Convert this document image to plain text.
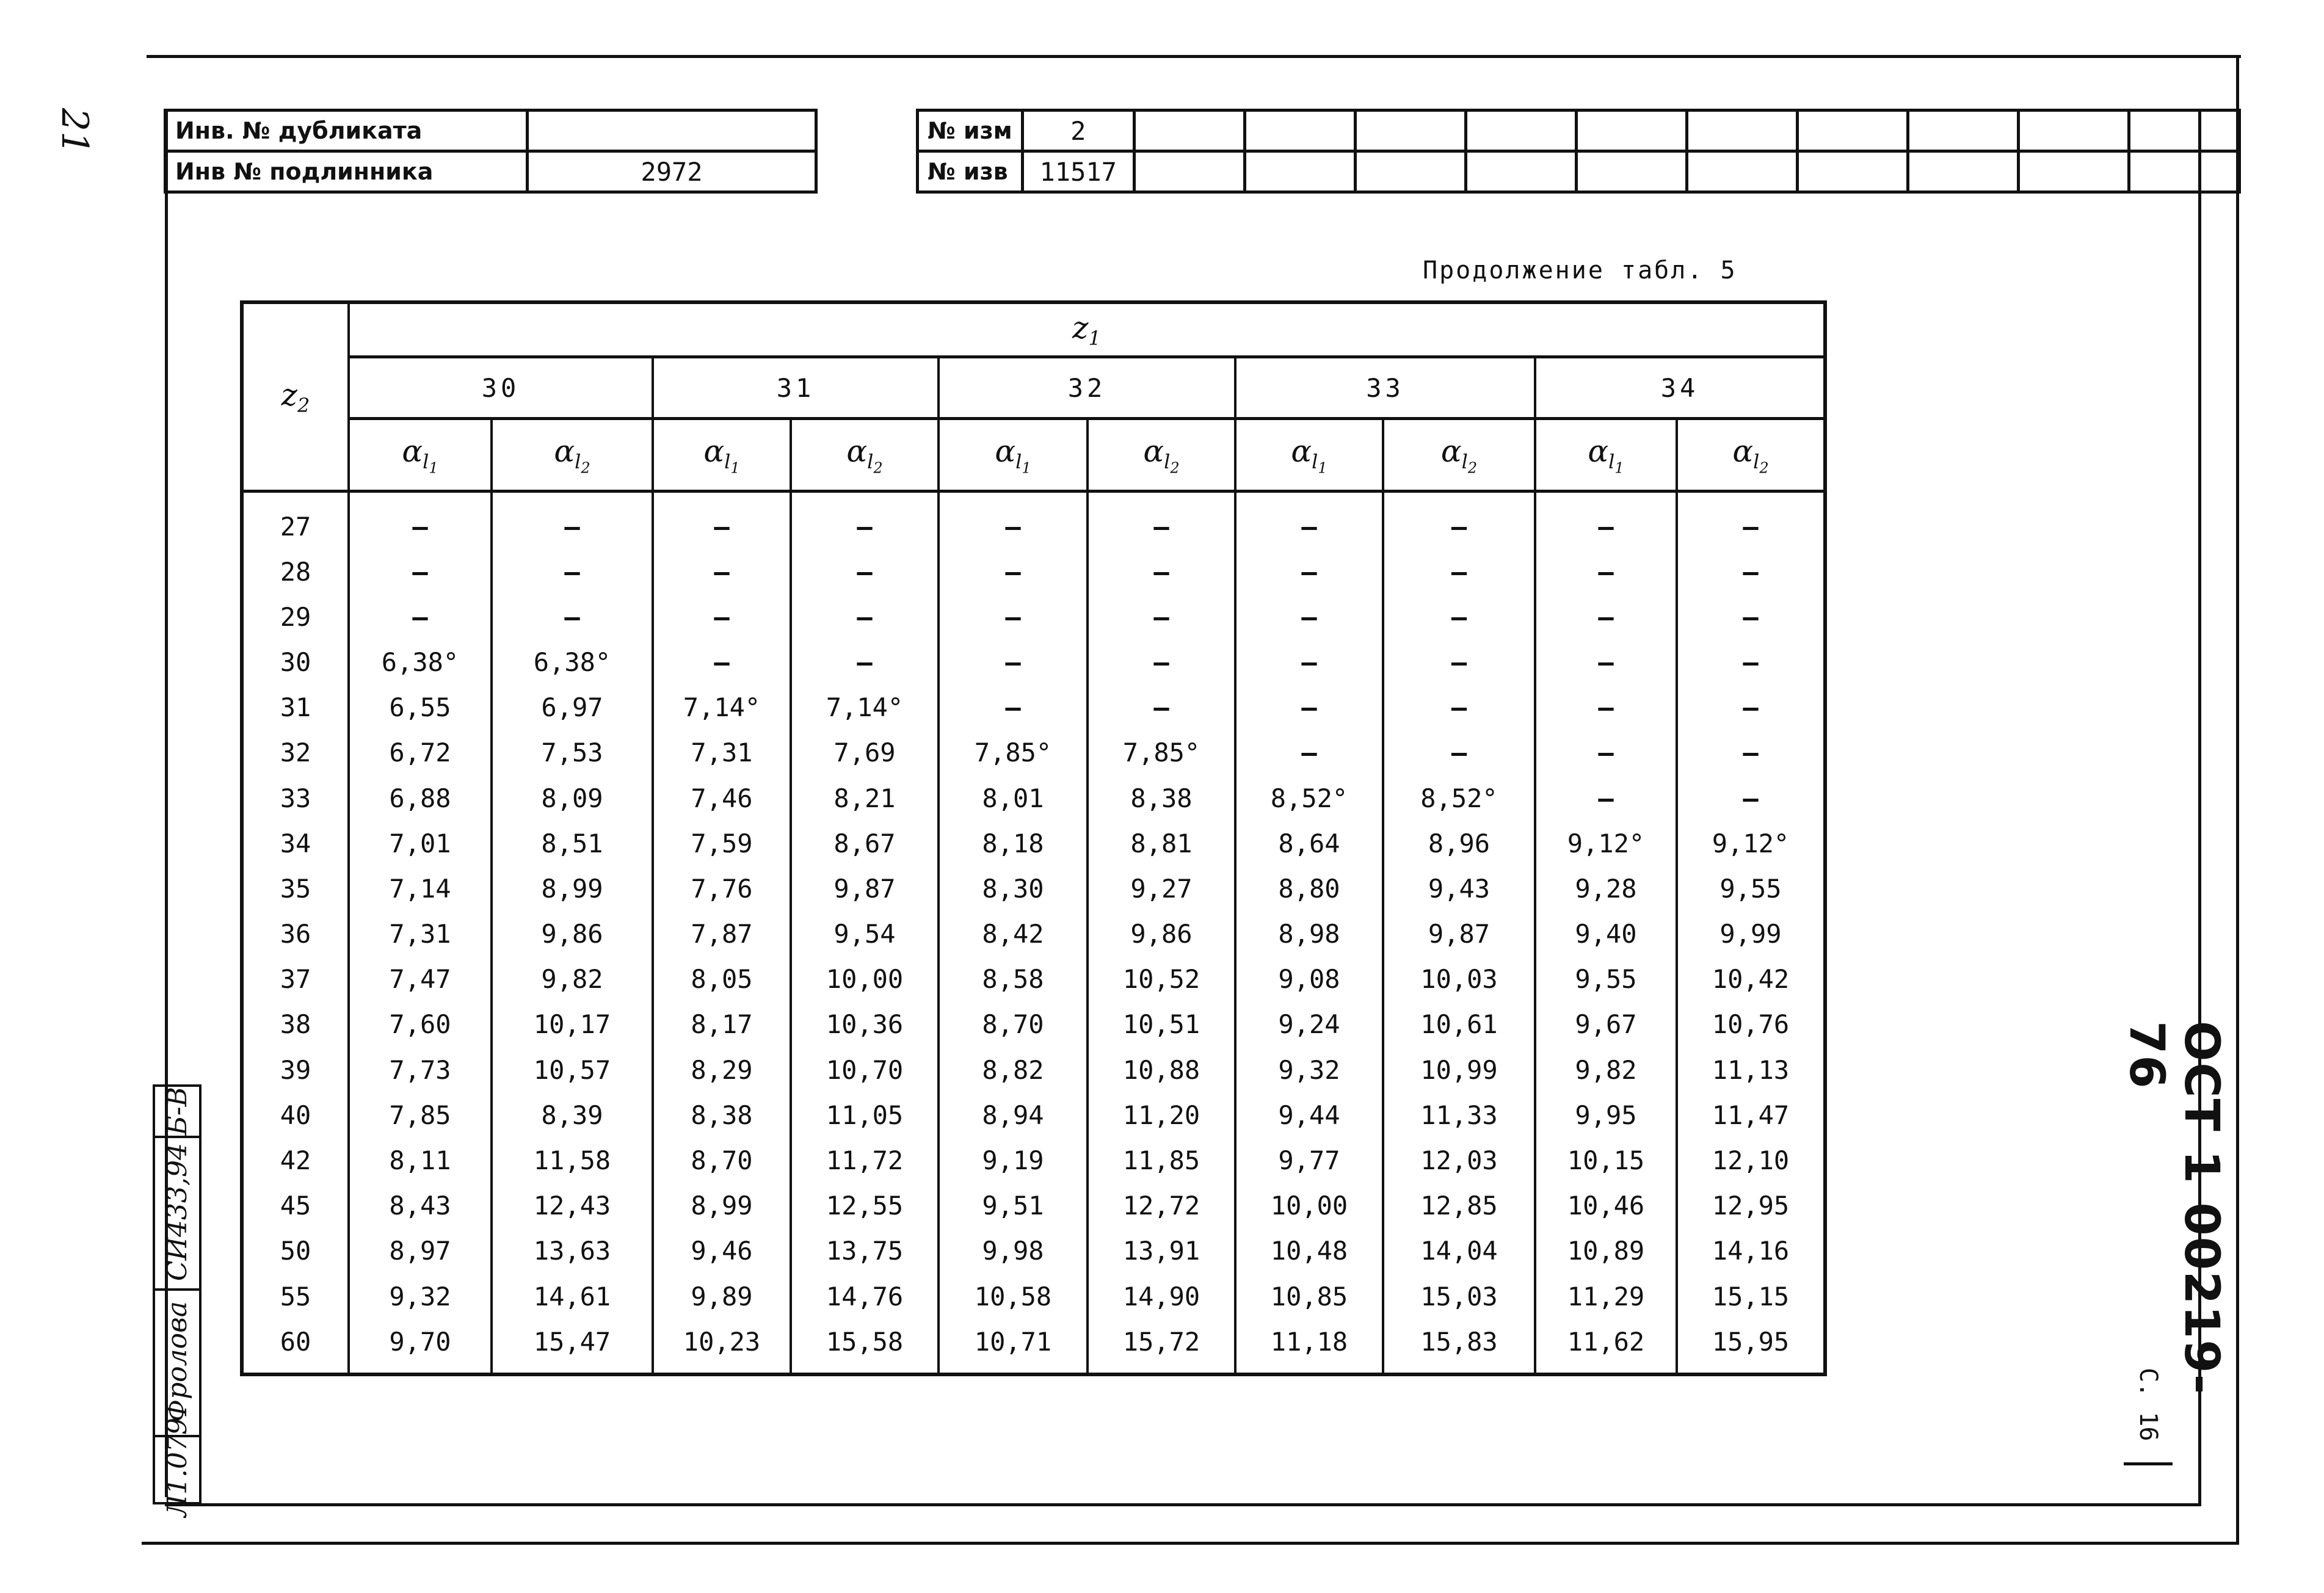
21	Инв. № дубликата	
Инв № подлинника	2972
№ изм	2										
№ изв	11517										
Продолжение табл. 5
$z_2$	$z_1$
	30		31		32		33		34	
	$\alpha_{l_1}$	$\alpha_{l_2}$	$\alpha_{l_1}$	$\alpha_{l_2}$	$\alpha_{l_1}$	$\alpha_{l_2}$	$\alpha_{l_1}$	$\alpha_{l_2}$	$\alpha_{l_1}$	$\alpha_{l_2}$
27	–	–	–	–	–	–	–	–	–	–
28	–	–	–	–	–	–	–	–	–	–
29	–	–	–	–	–	–	–	–	–	–
30	6,38°	6,38°	–	–	–	–	–	–	–	–
31	6,55	6,97	7,14°	7,14°	–	–	–	–	–	–
32	6,72	7,53	7,31	7,69	7,85°	7,85°	–	–	–	–
33	6,88	8,09	7,46	8,21	8,01	8,38	8,52°	8,52°	–	–
34	7,01	8,51	7,59	8,67	8,18	8,81	8,64	8,96	9,12°	9,12°
35	7,14	8,99	7,76	9,87	8,30	9,27	8,80	9,43	9,28	9,55
36	7,31	9,86	7,87	9,54	8,42	9,86	8,98	9,87	9,40	9,99
37	7,47	9,82	8,05	10,00	8,58	10,52	9,08	10,03	9,55	10,42
38	7,60	10,17	8,17	10,36	8,70	10,51	9,24	10,61	9,67	10,76
39	7,73	10,57	8,29	10,70	8,82	10,88	9,32	10,99	9,82	11,13
40	7,85	8,39	8,38	11,05	8,94	11,20	9,44	11,33	9,95	11,47
42	8,11	11,58	8,70	11,72	9,19	11,85	9,77	12,03	10,15	12,10
45	8,43	12,43	8,99	12,55	9,51	12,72	10,00	12,85	10,46	12,95
50	8,97	13,63	9,46	13,75	9,98	13,91	10,48	14,04	10,89	14,16
55	9,32	14,61	9,89	14,76	10,58	14,90	10,85	15,03	11,29	15,15
60	9,70	15,47	10,23	15,58	10,71	15,72	11,18	15,83	11,62	15,95	ОСТ 1 00219-76
С. 16
Б-В
СИ433,94
Фролова
Л1.079
